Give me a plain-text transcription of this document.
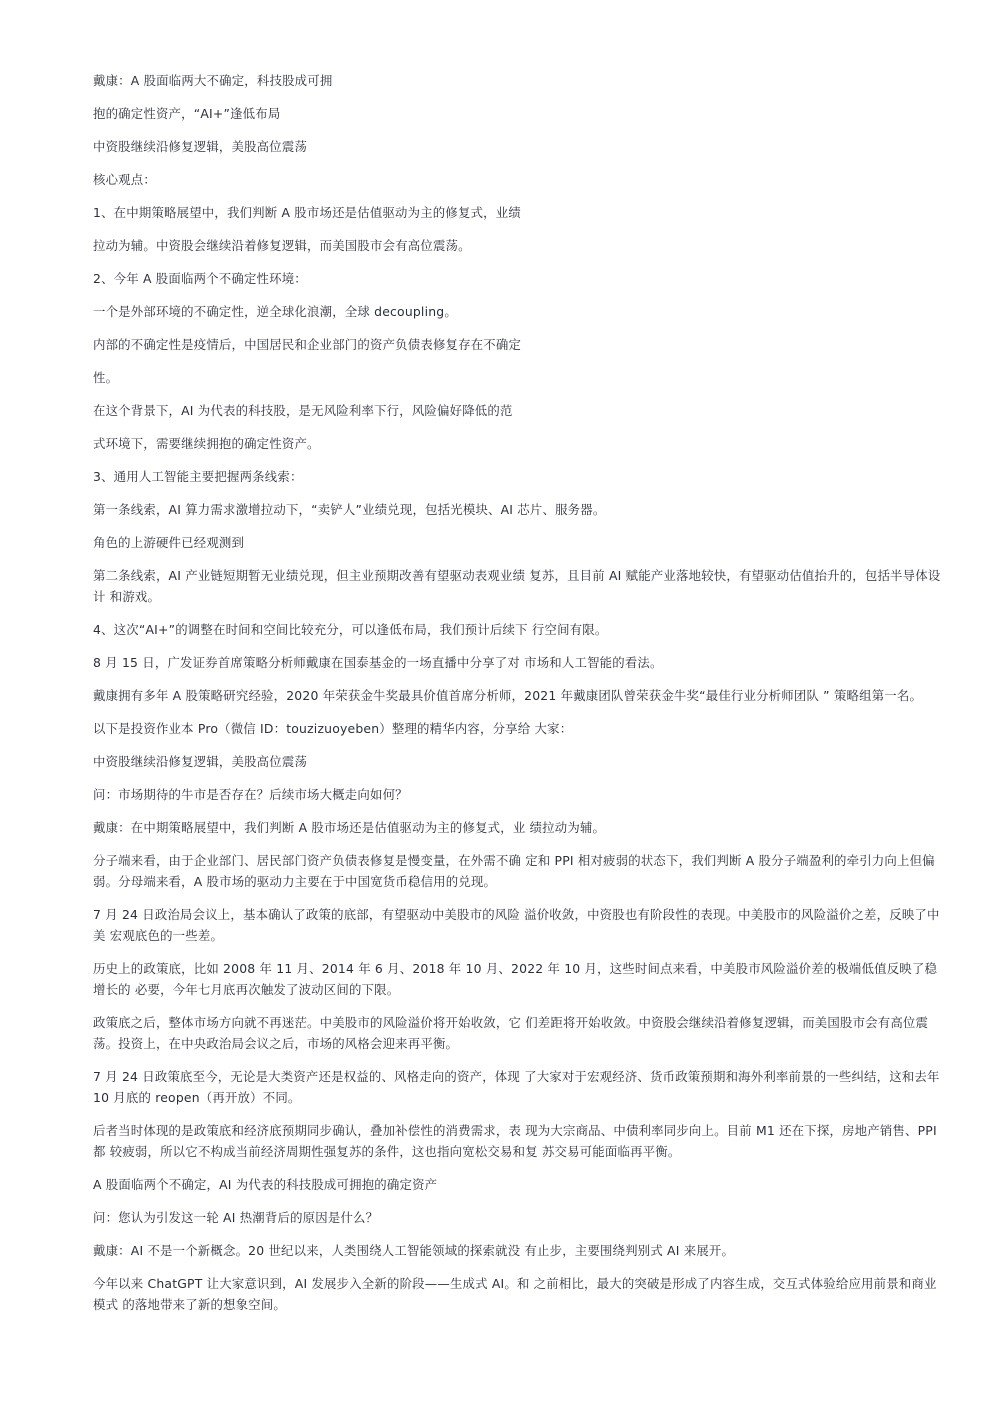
戴康：A 股面临两大不确定，科技股成可拥

抱的确定性资产，“AI+”逢低布局

中资股继续沿修复逻辑，美股高位震荡

核心观点：

1、在中期策略展望中，我们判断 A 股市场还是估值驱动为主的修复式，业绩

拉动为辅。中资股会继续沿着修复逻辑，而美国股市会有高位震荡。

2、今年 A 股面临两个不确定性环境：

一个是外部环境的不确定性，逆全球化浪潮，全球 decoupling。

内部的不确定性是疫情后，中国居民和企业部门的资产负债表修复存在不确定

性。

在这个背景下，AI 为代表的科技股，是无风险利率下行，风险偏好降低的范

式环境下，需要继续拥抱的确定性资产。

3、通用人工智能主要把握两条线索：

第一条线索，AI 算力需求激增拉动下，“卖铲人”业绩兑现，包括光模块、AI 芯片、服务器。

角色的上游硬件已经观测到

第二条线索，AI 产业链短期暂无业绩兑现，但主业预期改善有望驱动表观业绩 复苏，且目前 AI 赋能产业落地较快，有望驱动估值抬升的，包括半导体设计 和游戏。

4、这次“AI+”的调整在时间和空间比较充分，可以逢低布局，我们预计后续下 行空间有限。

8 月 15 日，广发证券首席策略分析师戴康在国泰基金的一场直播中分享了对 市场和人工智能的看法。

戴康拥有多年 A 股策略研究经验，2020 年荣获金牛奖最具价值首席分析师，2021 年戴康团队曾荣获金牛奖“最佳行业分析师团队 ” 策略组第一名。

以下是投资作业本 Pro（微信 ID：touzizuoyeben）整理的精华内容，分享给 大家：

中资股继续沿修复逻辑，美股高位震荡

问：市场期待的牛市是否存在？后续市场大概走向如何？

戴康：在中期策略展望中，我们判断 A 股市场还是估值驱动为主的修复式，业 绩拉动为辅。

分子端来看，由于企业部门、居民部门资产负债表修复是慢变量，在外需不确 定和 PPI 相对疲弱的状态下，我们判断 A 股分子端盈利的牵引力向上但偏弱。分母端来看，A 股市场的驱动力主要在于中国宽货币稳信用的兑现。

7 月 24 日政治局会议上，基本确认了政策的底部，有望驱动中美股市的风险 溢价收敛，中资股也有阶段性的表现。中美股市的风险溢价之差，反映了中美 宏观底色的一些差。

历史上的政策底，比如 2008 年 11 月、2014 年 6 月、2018 年 10 月、2022 年 10 月，这些时间点来看，中美股市风险溢价差的极端低值反映了稳增长的 必要，今年七月底再次触发了波动区间的下限。

政策底之后，整体市场方向就不再迷茫。中美股市的风险溢价将开始收敛，它 们差距将开始收敛。中资股会继续沿着修复逻辑，而美国股市会有高位震荡。投资上，在中央政治局会议之后，市场的风格会迎来再平衡。

7 月 24 日政策底至今，无论是大类资产还是权益的、风格走向的资产，体现 了大家对于宏观经济、货币政策预期和海外利率前景的一些纠结，这和去年 10 月底的 reopen（再开放）不同。

后者当时体现的是政策底和经济底预期同步确认，叠加补偿性的消费需求，表 现为大宗商品、中债利率同步向上。目前 M1 还在下探，房地产销售、PPI 都 较疲弱，所以它不构成当前经济周期性强复苏的条件，这也指向宽松交易和复 苏交易可能面临再平衡。

A 股面临两个不确定，AI 为代表的科技股成可拥抱的确定资产

问：您认为引发这一轮 AI 热潮背后的原因是什么？

戴康：AI 不是一个新概念。20 世纪以来，人类围绕人工智能领域的探索就没 有止步，主要围绕判别式 AI 来展开。

今年以来 ChatGPT 让大家意识到，AI 发展步入全新的阶段——生成式 AI。和 之前相比，最大的突破是形成了内容生成，交互式体验给应用前景和商业模式 的落地带来了新的想象空间。
